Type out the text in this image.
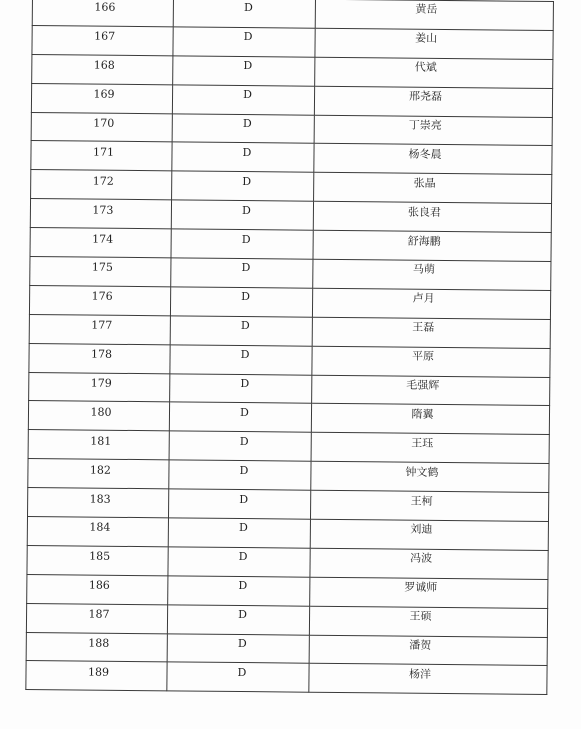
166	D	黄岳
167	D	姜山
168	D	代斌
169	D	邢尧磊
170	D	丁崇亮
171	D	杨冬晨
172	D	张晶
173	D	张良君
174	D	舒海鹏
175	D	马萌
176	D	卢月
177	D	王磊
178	D	平原
179	D	毛强辉
180	D	隋翼
181	D	王珏
182	D	钟文鹤
183	D	王柯
184	D	刘迪
185	D	冯波
186	D	罗诚师
187	D	王硕
188	D	潘贺
189	D	杨洋
